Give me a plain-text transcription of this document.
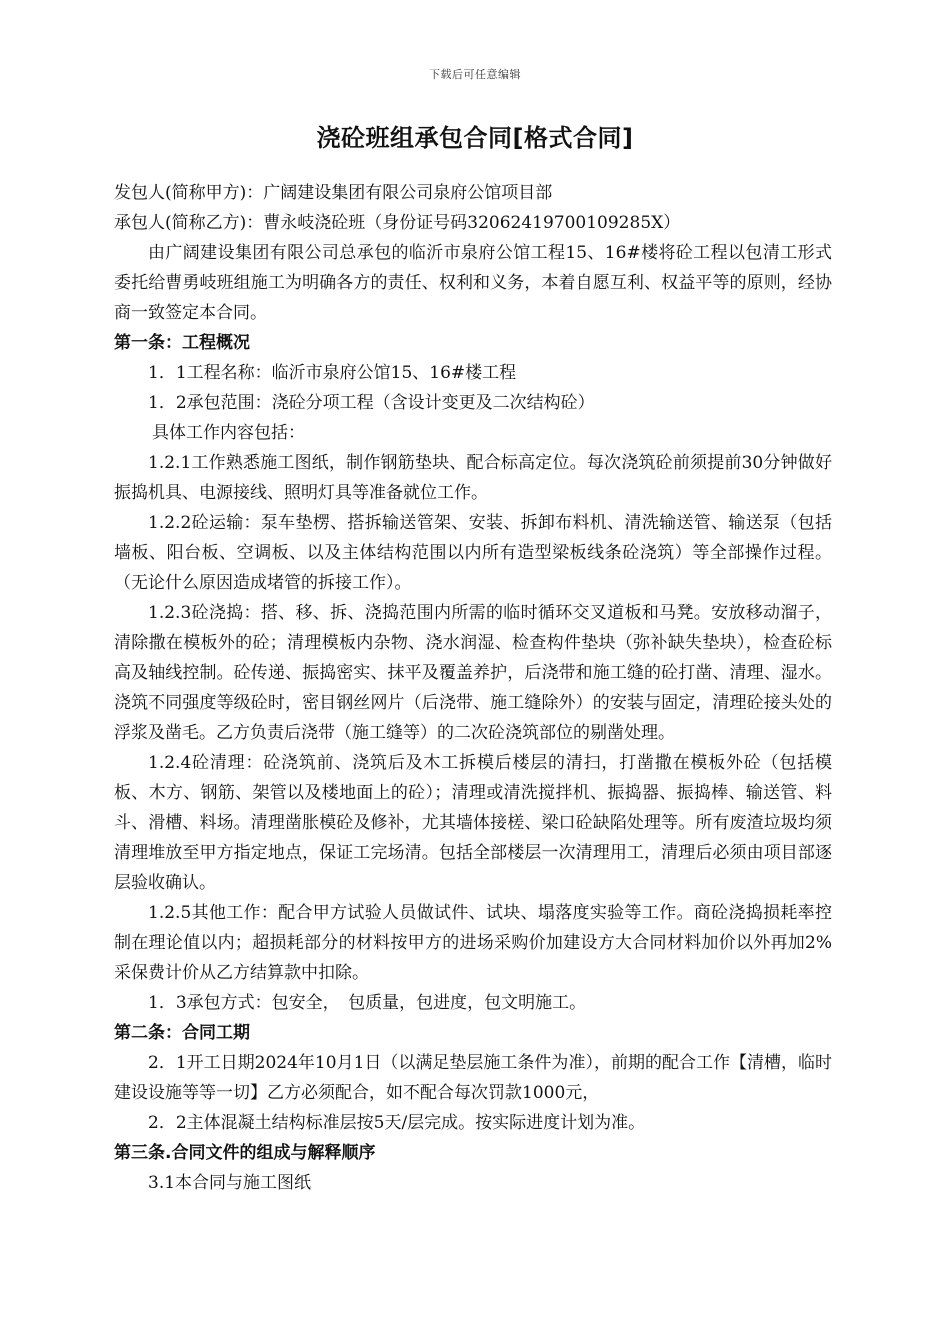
下载后可任意编辑
浇砼班组承包合同[格式合同]

发包人(简称甲方)：广阔建设集团有限公司泉府公馆项目部

承包人(简称乙方)：曹永岐浇砼班（身份证号码32062419700109285X）

由广阔建设集团有限公司总承包的临沂市泉府公馆工程15、16#楼将砼工程以包清工形式委托给曹勇岐班组施工为明确各方的责任、权利和义务，本着自愿互利、权益平等的原则，经协商一致签定本合同。

第一条：工程概况

1．1工程名称：临沂市泉府公馆15、16#楼工程

1．2承包范围：浇砼分项工程（含设计变更及二次结构砼）

具体工作内容包括：

1.2.1工作熟悉施工图纸，制作钢筋垫块、配合标高定位。每次浇筑砼前须提前30分钟做好振捣机具、电源接线、照明灯具等准备就位工作。

1.2.2砼运输：泵车垫楞、搭拆输送管架、安装、拆卸布料机、清洗输送管、输送泵（包括墙板、阳台板、空调板、以及主体结构范围以内所有造型梁板线条砼浇筑）等全部操作过程。（无论什么原因造成堵管的拆接工作）。

1.2.3砼浇捣：搭、移、拆、浇捣范围内所需的临时循环交叉道板和马凳。安放移动溜子，清除撒在模板外的砼；清理模板内杂物、浇水润湿、检查构件垫块（弥补缺失垫块），检查砼标高及轴线控制。砼传递、振捣密实、抹平及覆盖养护，后浇带和施工缝的砼打凿、清理、湿水。浇筑不同强度等级砼时，密目钢丝网片（后浇带、施工缝除外）的安装与固定，清理砼接头处的浮浆及凿毛。乙方负责后浇带（施工缝等）的二次砼浇筑部位的剔凿处理。

1.2.4砼清理：砼浇筑前、浇筑后及木工拆模后楼层的清扫，打凿撒在模板外砼（包括模板、木方、钢筋、架管以及楼地面上的砼）；清理或清洗搅拌机、振捣器、振捣棒、输送管、料斗、滑槽、料场。清理凿胀模砼及修补，尤其墙体接槎、梁口砼缺陷处理等。所有废渣垃圾均须清理堆放至甲方指定地点，保证工完场清。包括全部楼层一次清理用工，清理后必须由项目部逐层验收确认。

1.2.5其他工作：配合甲方试验人员做试件、试块、塌落度实验等工作。商砼浇捣损耗率控制在理论值以内；超损耗部分的材料按甲方的进场采购价加建设方大合同材料加价以外再加2%采保费计价从乙方结算款中扣除。

1．3承包方式：包安全，　包质量，包进度，包文明施工。

第二条：合同工期

2．1开工日期2024年10月1日（以满足垫层施工条件为准），前期的配合工作【清槽，临时建设设施等等一切】乙方必须配合，如不配合每次罚款1000元，

2．2主体混凝土结构标准层按5天/层完成。按实际进度计划为准。

第三条.合同文件的组成与解释顺序

3.1本合同与施工图纸
